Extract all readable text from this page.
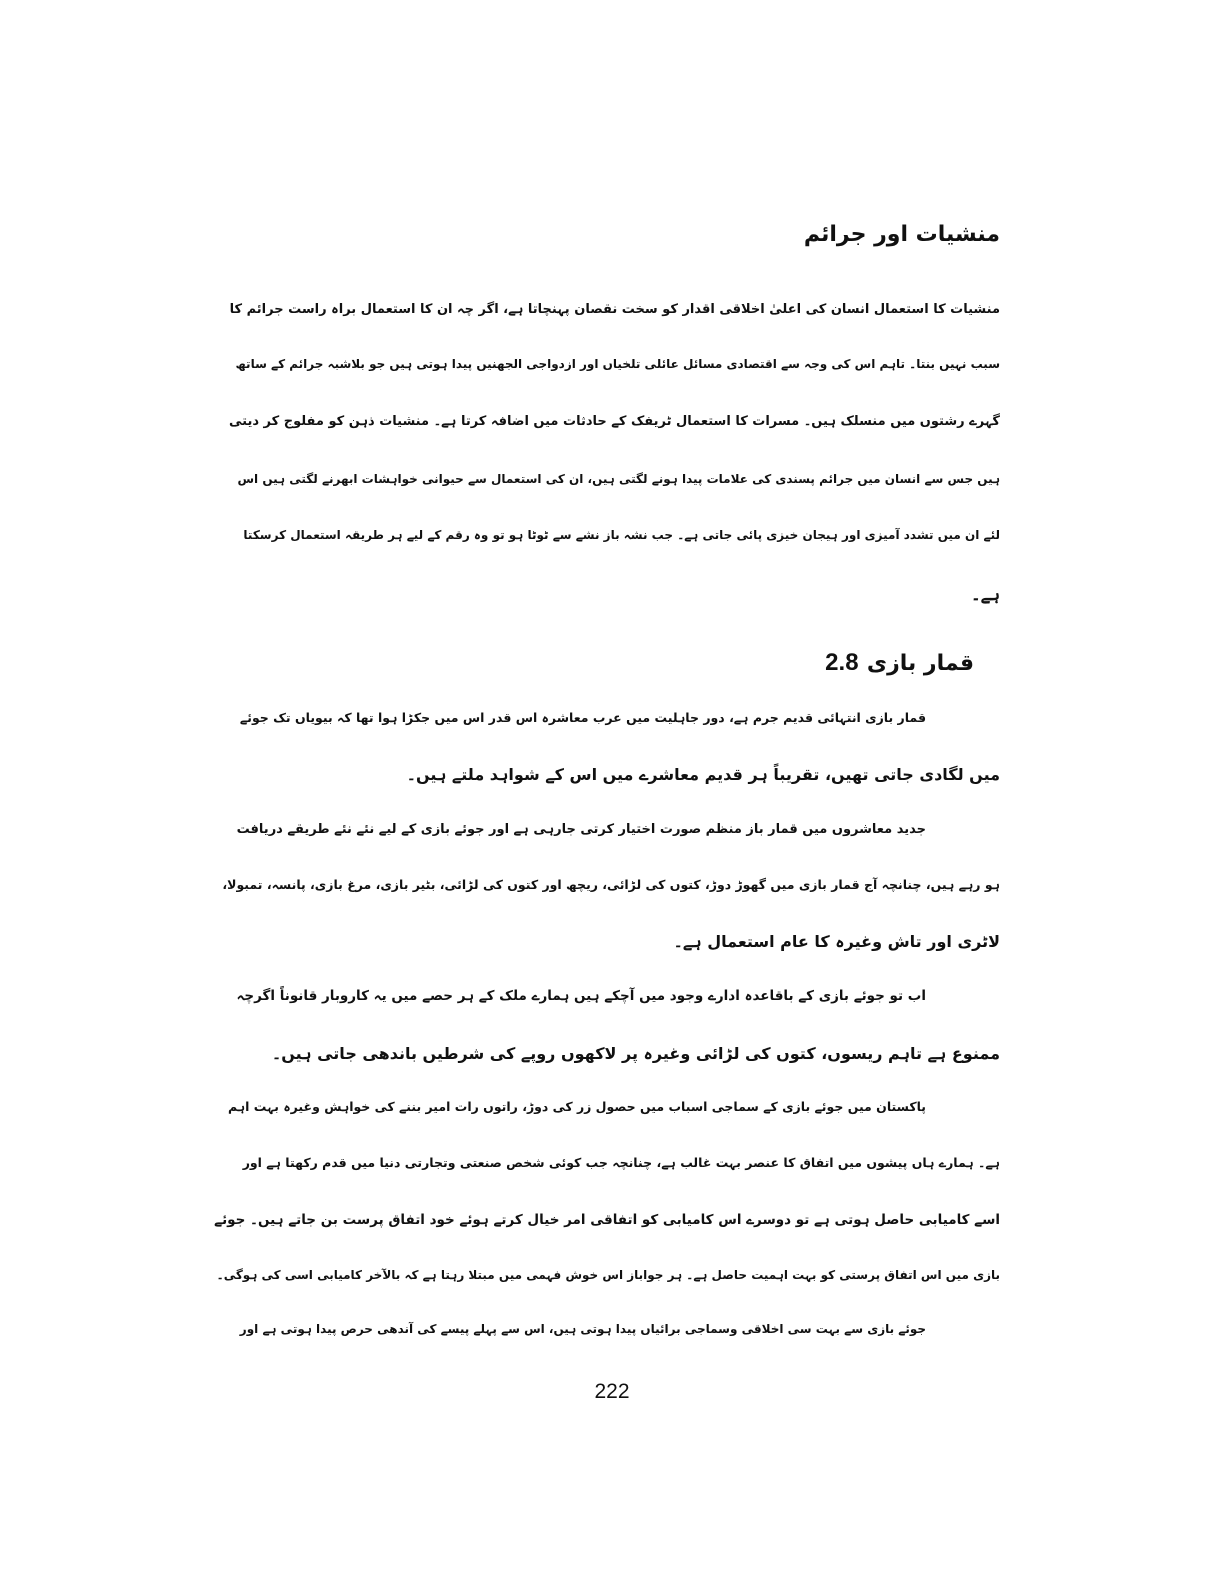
منشیات اور جرائم
منشیات کا استعمال انسان کی اعلیٰ اخلاقی اقدار کو سخت نقصان پہنچاتا ہے، اگر چہ ان کا استعمال براہ راست جرائم کا
سبب نہیں بنتا۔ تاہم اس کی وجہ سے اقتصادی مسائل عائلی تلخیاں اور ازدواجی الجھنیں پیدا ہوتی ہیں جو بلاشبہ جرائم کے ساتھ
گہرے رشتوں میں منسلک ہیں۔ مسرات کا استعمال ٹریفک کے حادثات میں اضافہ کرتا ہے۔ منشیات ذہن کو مفلوج کر دیتی
ہیں جس سے انسان میں جرائم پسندی کی علامات پیدا ہونے لگتی ہیں، ان کی استعمال سے حیوانی خواہشات ابھرنے لگتی ہیں اس
لئے ان میں تشدد آمیزی اور ہیجان خیزی پائی جاتی ہے۔ جب نشہ باز نشے سے ٹوٹا ہو تو وہ رقم کے لیے ہر طریقہ استعمال کرسکتا
ہے۔
قمار بازی 2.8
قمار بازی انتہائی قدیم جرم ہے، دور جاہلیت میں عرب معاشرہ اس قدر اس میں جکڑا ہوا تھا کہ بیویاں تک جوئے
میں لگادی جاتی تھیں، تقریباً ہر قدیم معاشرے میں اس کے شواہد ملتے ہیں۔
جدید معاشروں میں قمار باز منظم صورت اختیار کرتی جارہی ہے اور جوئے بازی کے لیے نئے نئے طریقے دریافت
ہو رہے ہیں، چنانچہ آج قمار بازی میں گھوڑ دوڑ، کتوں کی لڑائی، ریچھ اور کتوں کی لڑائی، بٹیر بازی، مرغ بازی، پانسہ، تمبولا،
لاٹری اور تاش وغیرہ کا عام استعمال ہے۔
اب تو جوئے بازی کے باقاعدہ ادارے وجود میں آچکے ہیں ہمارے ملک کے ہر حصے میں یہ کاروبار قانوناً اگرچہ
ممنوع ہے تاہم ریسوں، کتوں کی لڑائی وغیرہ پر لاکھوں روپے کی شرطیں باندھی جاتی ہیں۔
پاکستان میں جوئے بازی کے سماجی اسباب میں حصول زر کی دوڑ، راتوں رات امیر بننے کی خواہش وغیرہ بہت اہم
ہے۔ ہمارے ہاں پیشوں میں اتفاق کا عنصر بہت غالب ہے، چنانچہ جب کوئی شخص صنعتی وتجارتی دنیا میں قدم رکھتا ہے اور
اسے کامیابی حاصل ہوتی ہے تو دوسرے اس کامیابی کو اتفاقی امر خیال کرتے ہوئے خود اتفاق پرست بن جاتے ہیں۔ جوئے
بازی میں اس اتفاق پرستی کو بہت اہمیت حاصل ہے۔ ہر جواباز اس خوش فہمی میں مبتلا رہتا ہے کہ بالآخر کامیابی اسی کی ہوگی۔
جوئے بازی سے بہت سی اخلاقی وسماجی برائیاں پیدا ہوتی ہیں، اس سے پہلے پیسے کی آندھی حرص پیدا ہوتی ہے اور
222
